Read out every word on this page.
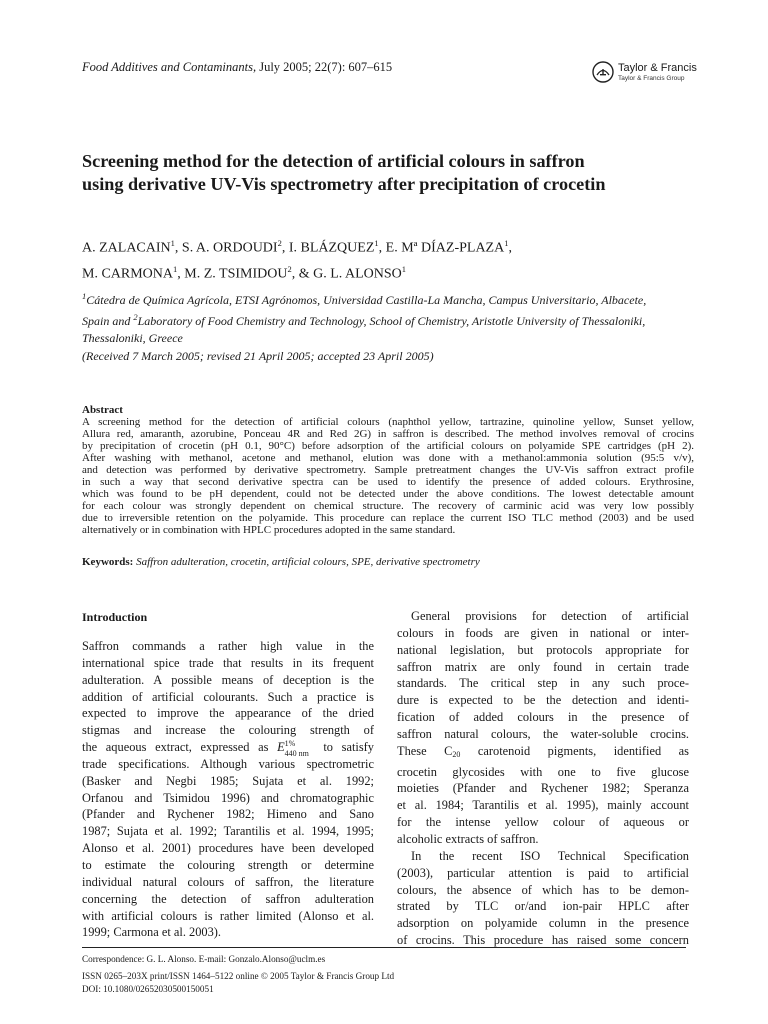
Food Additives and Contaminants, July 2005; 22(7): 607–615	Taylor & Francis
Taylor & Francis Group
Screening method for the detection of artificial colours in saffron
using derivative UV-Vis spectrometry after precipitation of crocetin
A. ZALACAIN$^1$, S. A. ORDOUDI$^2$, I. BLÁZQUEZ$^1$, E. Mª DÍAZ-PLAZA$^1$,
M. CARMONA$^1$, M. Z. TSIMIDOU$^2$, & G. L. ALONSO$^1$
$^1$Cátedra de Química Agrícola, ETSI Agrónomos, Universidad Castilla-La Mancha, Campus Universitario, Albacete,
Spain and $^2$Laboratory of Food Chemistry and Technology, School of Chemistry, Aristotle University of Thessaloniki,
Thessaloniki, Greece
(Received 7 March 2005; revised 21 April 2005; accepted 23 April 2005)
Abstract
A screening method for the detection of artificial colours (naphthol yellow, tartrazine, quinoline yellow, Sunset yellow,
Allura red, amaranth, azorubine, Ponceau 4R and Red 2G) in saffron is described. The method involves removal of crocins
by precipitation of crocetin (pH 0.1, 90°C) before adsorption of the artificial colours on polyamide SPE cartridges (pH 2).
After washing with methanol, acetone and methanol, elution was done with a methanol:ammonia solution (95:5 v/v),
and detection was performed by derivative spectrometry. Sample pretreatment changes the UV-Vis saffron extract profile
in such a way that second derivative spectra can be used to identify the presence of added colours. Erythrosine,
which was found to be pH dependent, could not be detected under the above conditions. The lowest detectable amount
for each colour was strongly dependent on chemical structure. The recovery of carminic acid was very low possibly
due to irreversible retention on the polyamide. This procedure can replace the current ISO TLC method (2003) and be used
alternatively or in combination with HPLC procedures adopted in the same standard.
Keywords: Saffron adulteration, crocetin, artificial colours, SPE, derivative spectrometry
Introduction
Saffron commands a rather high value in the
international spice trade that results in its frequent
adulteration. A possible means of deception is the
addition of artificial colourants. Such a practice is
expected to improve the appearance of the dried
stigmas and increase the colouring strength of
the aqueous extract, expressed as E 1%
440 nm to satisfy
trade specifications. Although various spectrometric
(Basker and Negbi 1985; Sujata et al. 1992;
Orfanou and Tsimidou 1996) and chromatographic
(Pfander and Rychener 1982; Himeno and Sano
1987; Sujata et al. 1992; Tarantilis et al. 1994, 1995;
Alonso et al. 2001) procedures have been developed
to estimate the colouring strength or determine
individual natural colours of saffron, the literature
concerning the detection of saffron adulteration
with artificial colours is rather limited (Alonso et al.
1999; Carmona et al. 2003).
General provisions for detection of artificial
colours in foods are given in national or inter-
national legislation, but protocols appropriate for
saffron matrix are only found in certain trade
standards. The critical step in any such proce-
dure is expected to be the detection and identi-
fication of added colours in the presence of
saffron natural colours, the water-soluble crocins.
These $C_{20}$ carotenoid pigments, identified as
crocetin glycosides with one to five glucose
moieties (Pfander and Rychener 1982; Speranza
et al. 1984; Tarantilis et al. 1995), mainly account
for the intense yellow colour of aqueous or
alcoholic extracts of saffron.
In the recent ISO Technical Specification
(2003), particular attention is paid to artificial
colours, the absence of which has to be demon-
strated by TLC or/and ion-pair HPLC after
adsorption on polyamide column in the presence
of crocins. This procedure has raised some concern
Correspondence: G. L. Alonso. E-mail: Gonzalo.Alonso@uclm.es
ISSN 0265–203X print/ISSN 1464–5122 online © 2005 Taylor & Francis Group Ltd
DOI: 10.1080/02652030500150051
